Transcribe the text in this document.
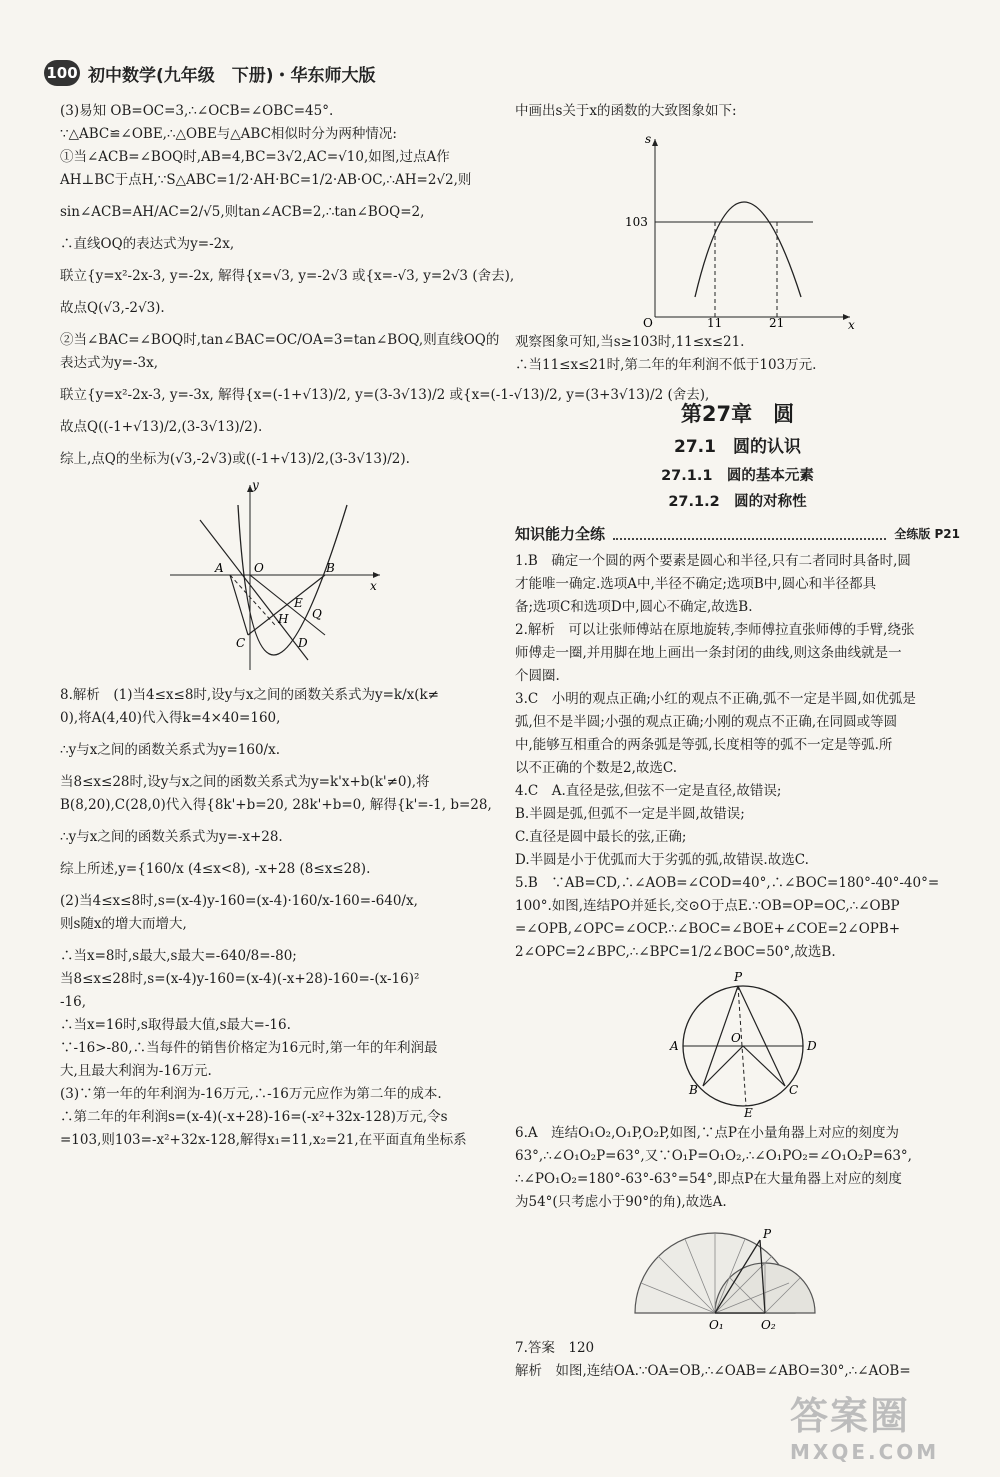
100 初中数学(九年级　下册)・华东师大版
(3)易知 OB=OC=3,∴∠OCB=∠OBC=45°.
∵△ABC≌∠OBE,∴△OBE与△ABC相似时分为两种情况:
①当∠ACB=∠BOQ时,AB=4,BC=3√2,AC=√10,如图,过点A作
AH⊥BC于点H,∵S△ABC=1/2·AH·BC=1/2·AB·OC,∴AH=2√2,则
sin∠ACB=AH/AC=2/√5,则tan∠ACB=2,∴tan∠BOQ=2,
∴直线OQ的表达式为y=-2x,
联立{y=x²-2x-3, y=-2x, 解得{x=√3, y=-2√3 或{x=-√3, y=2√3 (舍去),
故点Q(√3,-2√3).
②当∠BAC=∠BOQ时,tan∠BAC=OC/OA=3=tan∠BOQ,则直线OQ的
表达式为y=-3x,
联立{y=x²-2x-3, y=-3x, 解得{x=(-1+√13)/2, y=(3-3√13)/2 或{x=(-1-√13)/2, y=(3+3√13)/2 (舍去),
故点Q((-1+√13)/2,(3-3√13)/2).
综上,点Q的坐标为(√3,-2√3)或((-1+√13)/2,(3-3√13)/2).
y
x
A	O	B
E
H Q
C	D
8.解析　(1)当4≤x≤8时,设y与x之间的函数关系式为y=k/x(k≠
0),将A(4,40)代入得k=4×40=160,
∴y与x之间的函数关系式为y=160/x.
当8≤x≤28时,设y与x之间的函数关系式为y=k'x+b(k'≠0),将
B(8,20),C(28,0)代入得{8k'+b=20, 28k'+b=0, 解得{k'=-1, b=28,
∴y与x之间的函数关系式为y=-x+28.
综上所述,y={160/x (4≤x<8), -x+28 (8≤x≤28).
(2)当4≤x≤8时,s=(x-4)y-160=(x-4)·160/x-160=-640/x,
则s随x的增大而增大,
∴当x=8时,s最大,s最大=-640/8=-80;
当8≤x≤28时,s=(x-4)y-160=(x-4)(-x+28)-160=-(x-16)²
-16,
∴当x=16时,s取得最大值,s最大=-16.
∵-16>-80,∴当每件的销售价格定为16元时,第一年的年利润最
大,且最大利润为-16万元.
(3)∵第一年的年利润为-16万元,∴-16万元应作为第二年的成本.
∴第二年的年利润s=(x-4)(-x+28)-16=(-x²+32x-128)万元,令s
=103,则103=-x²+32x-128,解得x₁=11,x₂=21,在平面直角坐标系
中画出s关于x的函数的大致图象如下:
s
x
O
103
11	21
观察图象可知,当s≥103时,11≤x≤21.
∴当11≤x≤21时,第二年的年利润不低于103万元.
第27章　圆
27.1　圆的认识
27.1.1　圆的基本元素
27.1.2　圆的对称性
知识能力全练	全练版 P21
1.B　确定一个圆的两个要素是圆心和半径,只有二者同时具备时,圆
才能唯一确定.选项A中,半径不确定;选项B中,圆心和半径都具
备;选项C和选项D中,圆心不确定,故选B.
2.解析　可以让张师傅站在原地旋转,李师傅拉直张师傅的手臂,绕张
师傅走一圈,并用脚在地上画出一条封闭的曲线,则这条曲线就是一
个圆圈.
3.C　小明的观点正确;小红的观点不正确,弧不一定是半圆,如优弧是
弧,但不是半圆;小强的观点正确;小刚的观点不正确,在同圆或等圆
中,能够互相重合的两条弧是等弧,长度相等的弧不一定是等弧.所
以不正确的个数是2,故选C.
4.C　A.直径是弦,但弦不一定是直径,故错误;
B.半圆是弧,但弧不一定是半圆,故错误;
C.直径是圆中最长的弦,正确;
D.半圆是小于优弧而大于劣弧的弧,故错误.故选C.
5.B　∵AB=CD,∴∠AOB=∠COD=40°,∴∠BOC=180°-40°-40°=
100°.如图,连结PO并延长,交⊙O于点E.∵OB=OP=OC,∴∠OBP
=∠OPB,∠OPC=∠OCP.∴∠BOC=∠BOE+∠COE=2∠OPB+
2∠OPC=2∠BPC,∴∠BPC=1/2∠BOC=50°,故选B.
P
A
O
D
B	C
E
6.A　连结O₁O₂,O₁P,O₂P,如图,∵点P在小量角器上对应的刻度为
63°,∴∠O₁O₂P=63°,又∵O₁P=O₁O₂,∴∠O₁PO₂=∠O₁O₂P=63°,
∴∠PO₁O₂=180°-63°-63°=54°,即点P在大量角器上对应的刻度
为54°(只考虑小于90°的角),故选A.
P
O₁	O₂
7.答案　120
解析　如图,连结OA.∵OA=OB,∴∠OAB=∠ABO=30°,∴∠AOB=
答案圈
MXQE.COM
